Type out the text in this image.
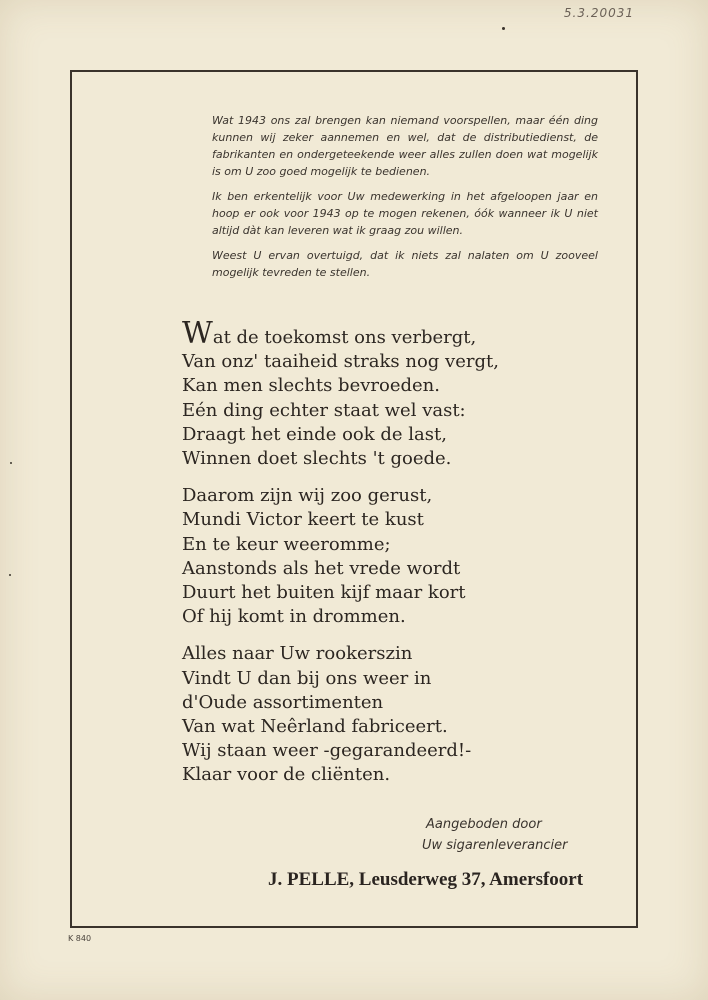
5.3.20031

Wat 1943 ons zal brengen kan niemand voorspellen, maar één ding kunnen wij zeker aannemen en wel, dat de distributiedienst, de fabrikanten en ondergeteekende weer alles zullen doen wat mogelijk is om U zoo goed mogelijk te bedienen.

Ik ben erkentelijk voor Uw medewerking in het afgeloopen jaar en hoop er ook voor 1943 op te mogen rekenen, óók wanneer ik U niet altijd dàt kan leveren wat ik graag zou willen.

Weest U ervan overtuigd, dat ik niets zal nalaten om U zooveel mogelijk tevreden te stellen.

Wat de toekomst ons verbergt,
Van onz' taaiheid straks nog vergt,
Kan men slechts bevroeden.
Eén ding echter staat wel vast:
Draagt het einde ook de last,
Winnen doet slechts 't goede.
Daarom zijn wij zoo gerust,
Mundi Victor keert te kust
En te keur weeromme;
Aanstonds als het vrede wordt
Duurt het buiten kijf maar kort
Of hij komt in drommen.
Alles naar Uw rookerszin
Vindt U dan bij ons weer in
d'Oude assortimenten
Van wat Neêrland fabriceert.
Wij staan weer -gegarandeerd!-
Klaar voor de cliënten.
Aangeboden door
Uw sigarenleverancier
J. PELLE, Leusderweg 37, Amersfoort
K 840
